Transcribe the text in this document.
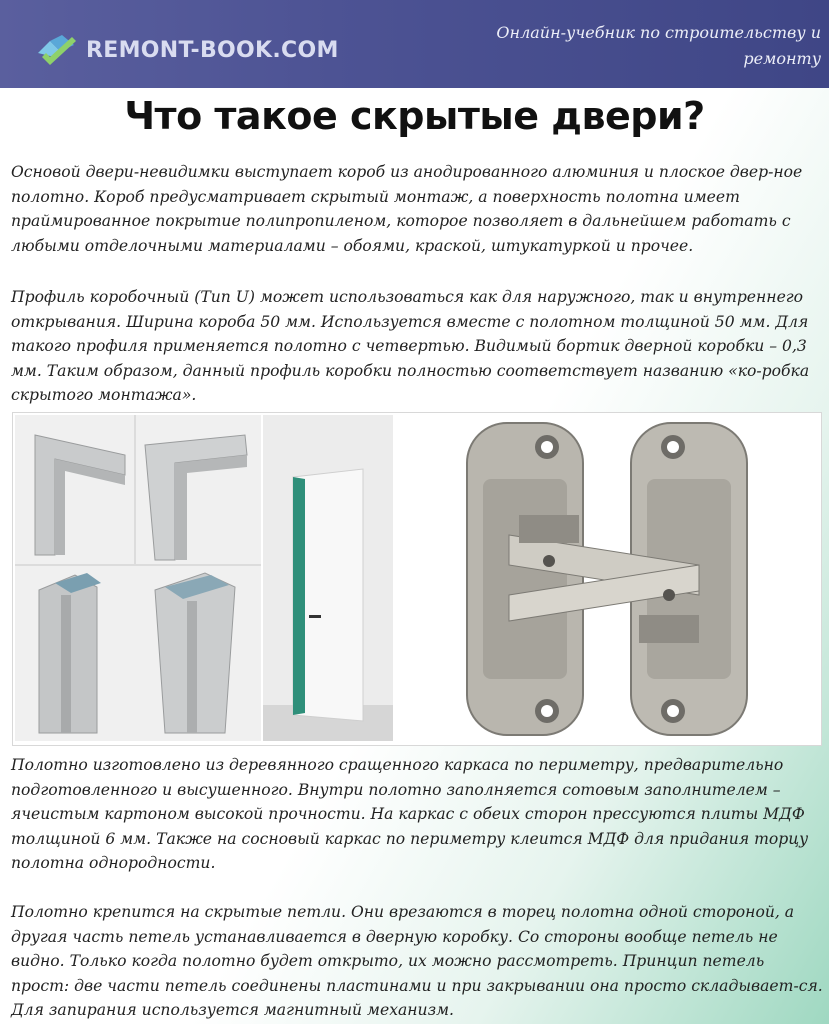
REMONT-BOOK.COM
Онлайн-учебник по строительству и ремонту
Что такое скрытые двери?
Основой двери-невидимки выступает короб из анодированного алюминия и плоское двер-ное полотно. Короб предусматривает скрытый монтаж, а поверхность полотна имеет праймированное покрытие полипропиленом, которое позволяет в дальнейшем работать с любыми отделочными материалами – обоями, краской, штукатуркой и прочее.
Профиль коробочный (Тип U) может использоваться как для наружного, так и внутреннего открывания. Ширина короба 50 мм. Используется вместе с полотном толщиной 50 мм. Для такого профиля применяется полотно с четвертью. Видимый бортик дверной коробки – 0,3 мм. Таким образом, данный профиль коробки полностью соответствует названию «ко-робка скрытого монтажа».
Полотно изготовлено из деревянного сращенного каркаса по периметру, предварительно подготовленного и высушенного. Внутри полотно заполняется сотовым заполнителем – ячеистым картоном высокой прочности. На каркас с обеих сторон прессуются плиты МДФ толщиной 6 мм. Также на сосновый каркас по периметру клеится МДФ для придания торцу полотна однородности.
Полотно крепится на скрытые петли. Они врезаются в торец полотна одной стороной, а другая часть петель устанавливается в дверную коробку. Со стороны вообще петель не видно. Только когда полотно будет открыто, их можно рассмотреть. Принцип петель прост: две части петель соединены пластинами и при закрывании она просто складывает-ся. Для запирания используется магнитный механизм.
